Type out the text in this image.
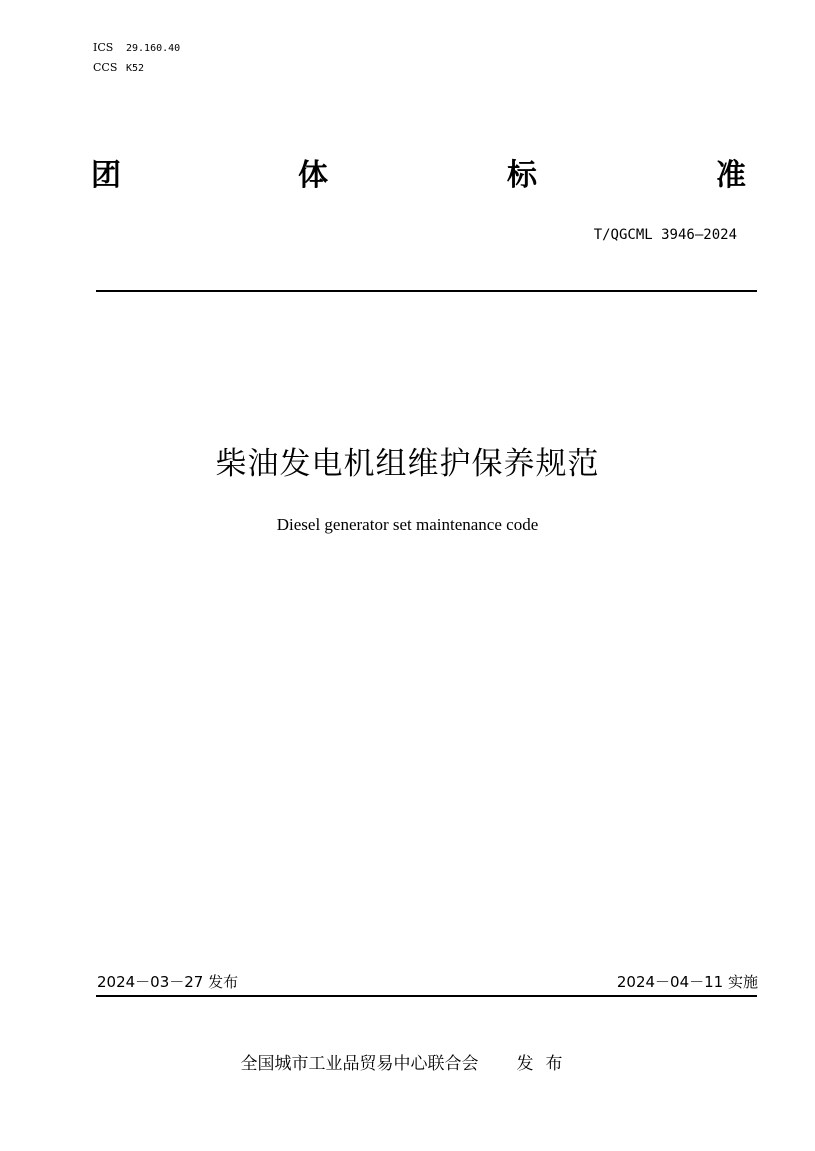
ICS 29.160.40
CCS K52
团	体	标	准
T/QGCML 3946—2024
柴油发电机组维护保养规范
Diesel generator set maintenance code
2024－03－27 发布	2024－04－11 实施
全国城市工业品贸易中心联合会 发布
